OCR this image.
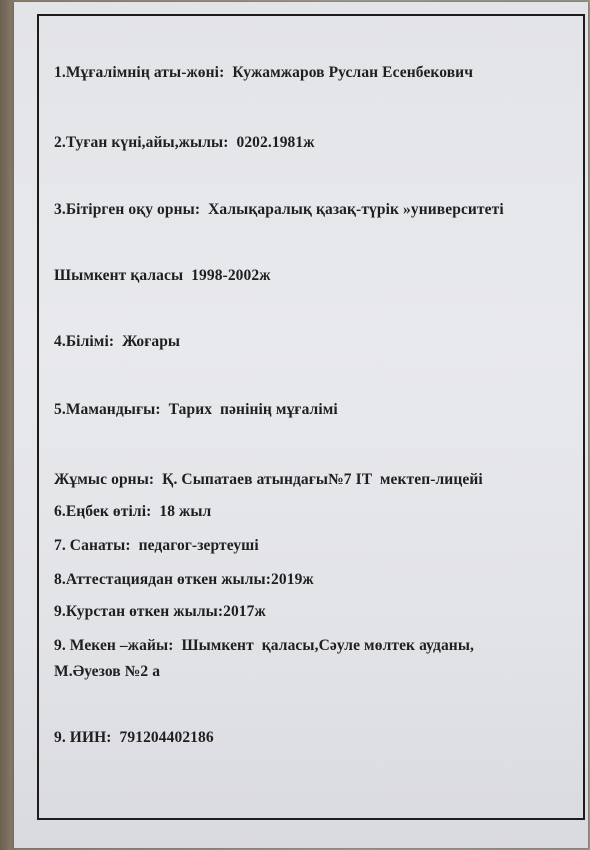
1.Мұғалімнің аты-жөні: Кужамжаров Руслан Есенбекович
2.Туған күні,айы,жылы: 0202.1981ж
3.Бітірген оқу орны: Халықаралық қазақ-түрік »университеті
Шымкент қаласы 1998-2002ж
4.Білімі: Жоғары
5.Мамандығы: Тарих  пәнінің мұғалімі
Жұмыс орны: Қ. Сыпатаев атындағы№7 IT  мектеп-лицейі
6.Еңбек өтілі: 18 жыл
7. Санаты: педагог-зертеуші
8.Аттестациядан өткен жылы:2019ж
9.Курстан өткен жылы:2017ж
9. Мекен –жайы: Шымкент  қаласы,Сәуле мөлтек ауданы,
М.Әуезов №2 а
9. ИИН: 791204402186
